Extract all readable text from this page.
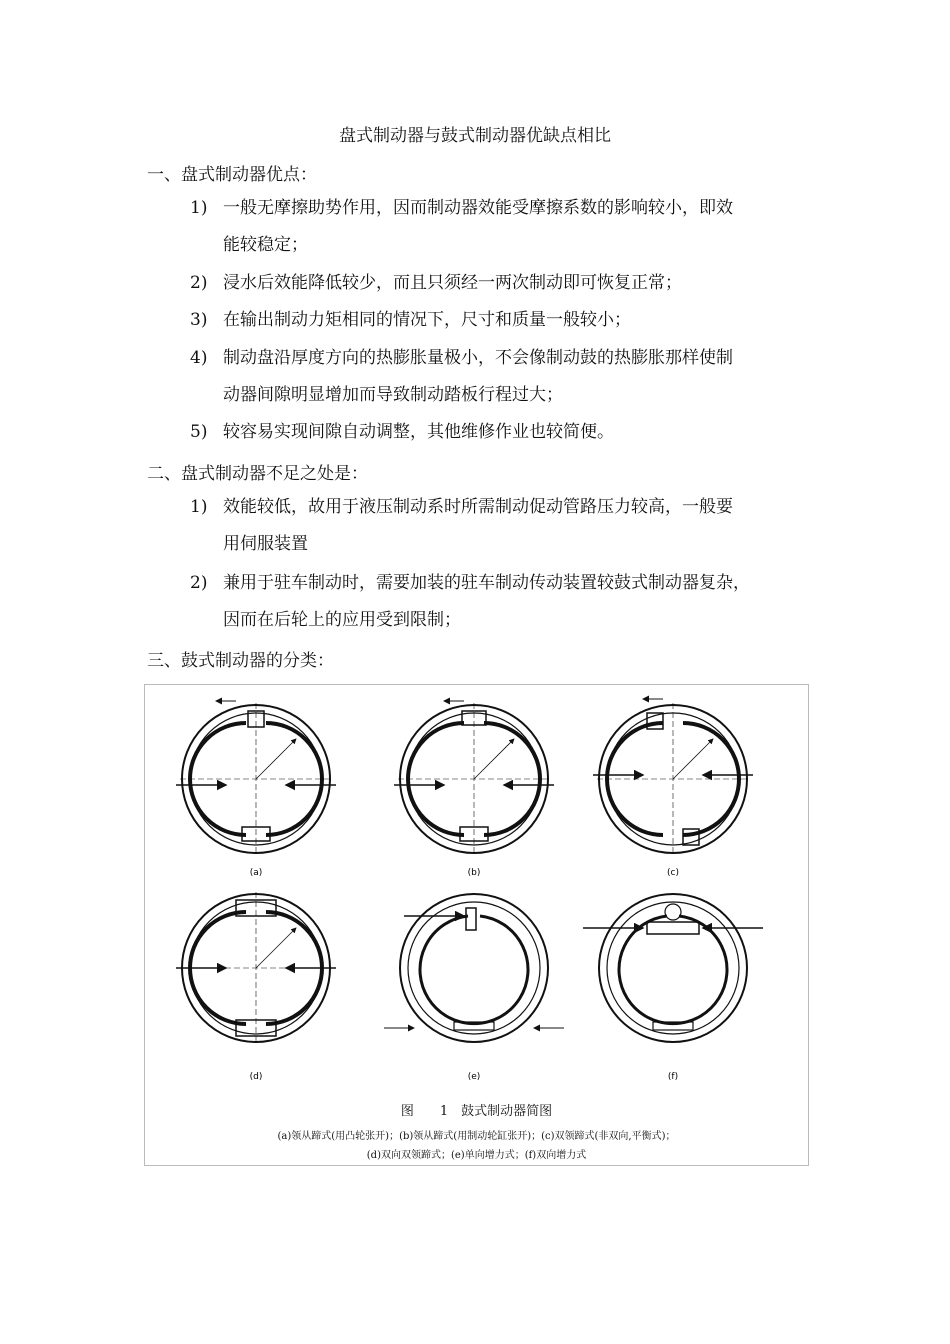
盘式制动器与鼓式制动器优缺点相比
一、盘式制动器优点：
1) 一般无摩擦助势作用，因而制动器效能受摩擦系数的影响较小，即效
能较稳定；
2) 浸水后效能降低较少，而且只须经一两次制动即可恢复正常；
3) 在输出制动力矩相同的情况下，尺寸和质量一般较小；
4) 制动盘沿厚度方向的热膨胀量极小，不会像制动鼓的热膨胀那样使制
动器间隙明显增加而导致制动踏板行程过大；
5) 较容易实现间隙自动调整，其他维修作业也较简便。
二、盘式制动器不足之处是：
1) 效能较低，故用于液压制动系时所需制动促动管路压力较高，一般要
用伺服装置
2) 兼用于驻车制动时，需要加装的驻车制动传动装置较鼓式制动器复杂，
因而在后轮上的应用受到限制；
三、鼓式制动器的分类：
(a)	(b)	(c)
(d)	(e)	(f)
图　　1　鼓式制动器简图
(a)领从蹄式(用凸轮张开)；(b)领从蹄式(用制动轮缸张开)；(c)双领蹄式(非双向,平衡式)；
(d)双向双领蹄式；(e)单向增力式；(f)双向增力式
